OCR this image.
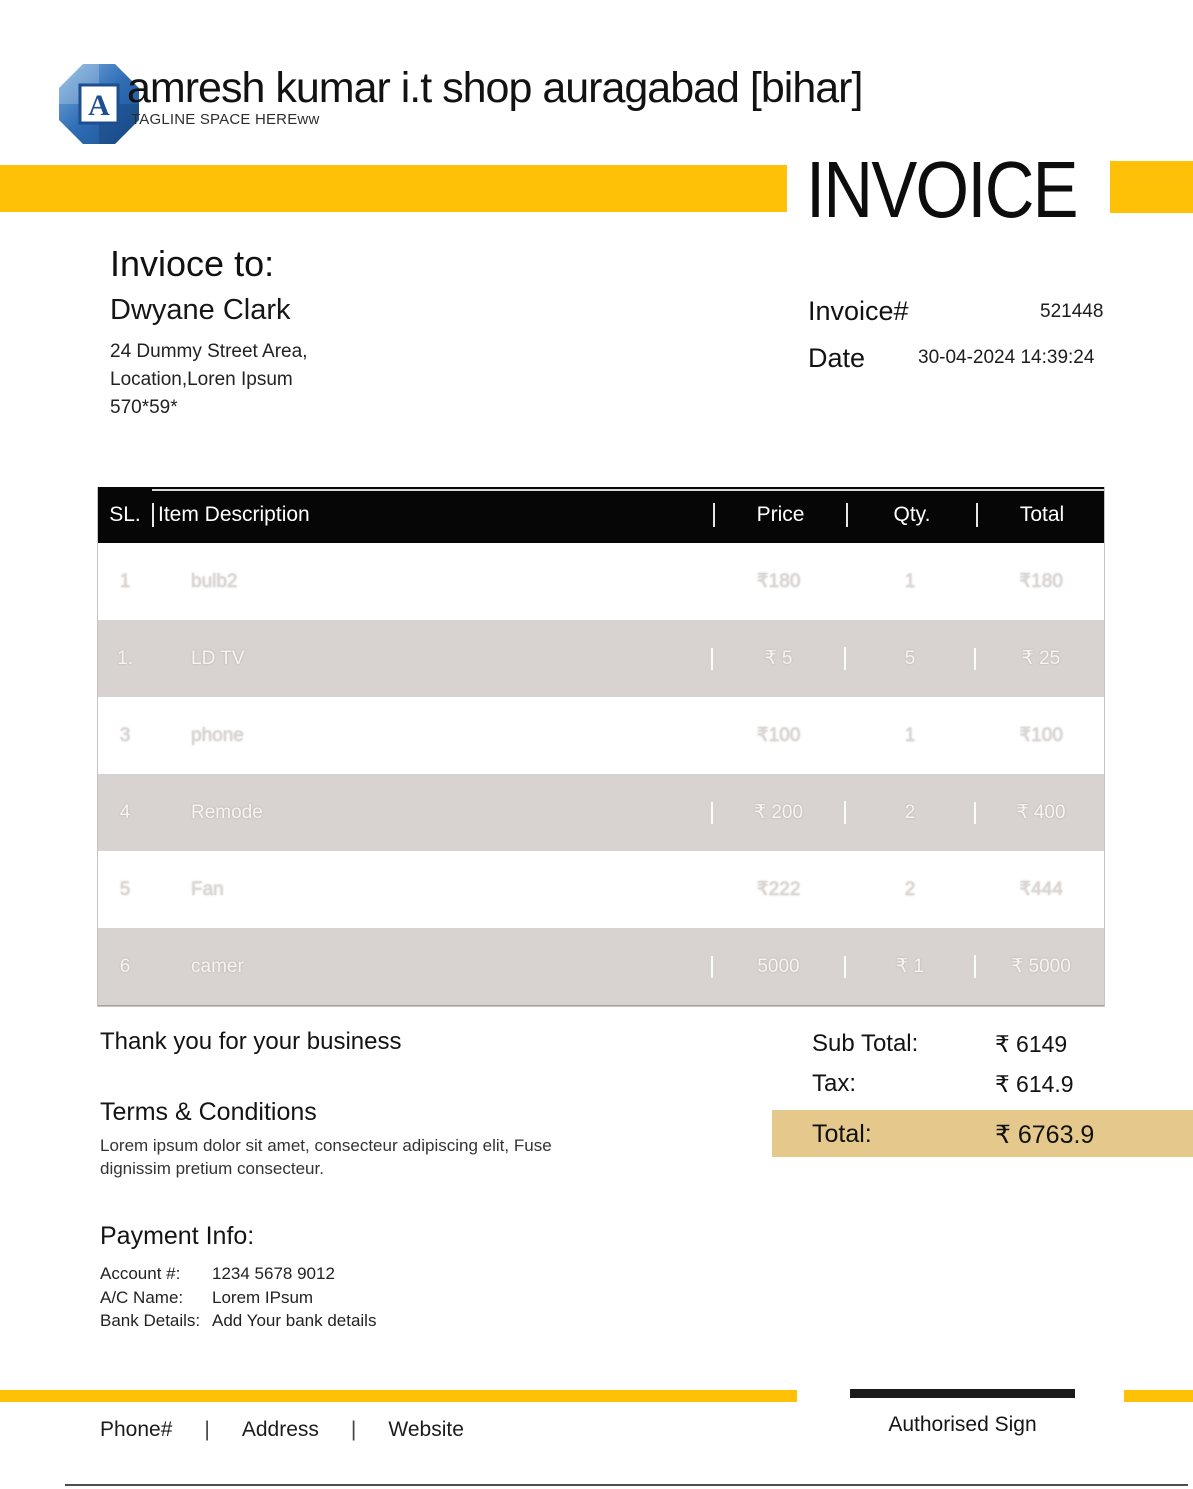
A amresh kumar i.t shop auragabad [bihar]
TAGLINE SPACE HEREww
INVOICE
Invioce to:
Dwyane Clark
24 Dummy Street Area,
Location,Loren Ipsum
570*59*
Invoice#	521448
Date	30-04-2024 14:39:24
SL. Item Description	Price	Qty.	Total
1	bulb2	₹180	1	₹180
1.	LD TV	₹ 5	5	₹ 25
3	phone	₹100	1	₹100
4	Remode	₹ 200	2	₹ 400
5	Fan	₹222	2	₹444
6	camer	5000	₹ 1	₹ 5000
Thank you for your business	Sub Total:	₹ 6149
Tax:	₹ 614.9
Total:	₹ 6763.9
Terms & Conditions
Lorem ipsum dolor sit amet, consecteur adipiscing elit, Fuse
dignissim pretium consecteur.
Payment Info:
Account #:	1234 5678 9012
A/C Name:	Lorem IPsum
Bank Details: Add Your bank details
Phone# | Address | Website	Authorised Sign
